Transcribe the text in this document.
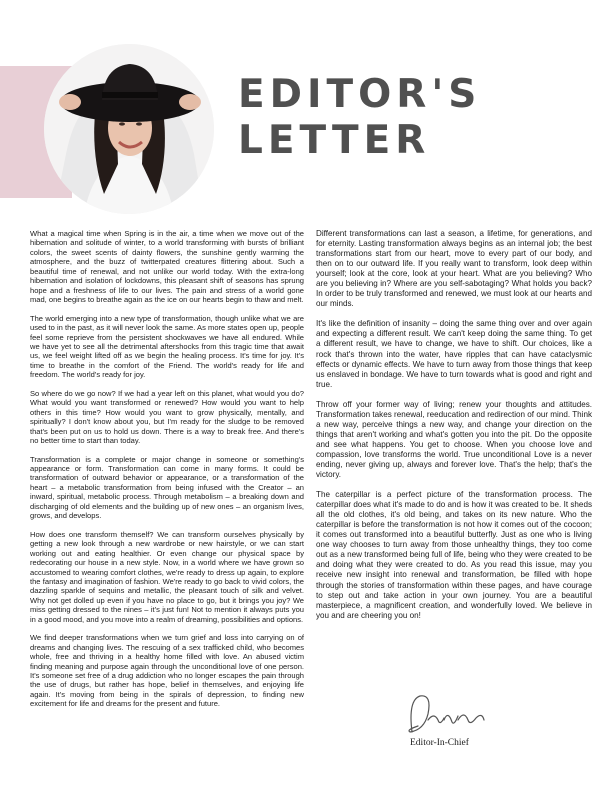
EDITOR'S
LETTER

What a magical time when Spring is in the air, a time when we move out of the hibernation and solitude of winter, to a world transforming with bursts of brilliant colors, the sweet scents of dainty flowers, the sunshine gently warming the atmosphere, and the buzz of twitterpated creatures flittering about. Such a beautiful time of renewal, and not unlike our world today. With the extra-long hibernation and isolation of lockdowns, this pleasant shift of seasons has sprung hope and a freshness of life to our lives. The pain and stress of a world gone mad, one begins to breathe again as the ice on our hearts begin to thaw and melt.

The world emerging into a new type of transformation, though unlike what we are used to in the past, as it will never look the same. As more states open up, people feel some reprieve from the persistent shockwaves we have all endured. While we have yet to see all the detrimental aftershocks from this tragic time that await us, we feel weight lifted off as we begin the healing process. It's time for joy. It's time to breathe in the comfort of the Friend. The world's ready for life and freedom. The world's ready for joy.

So where do we go now? If we had a year left on this planet, what would you do? What would you want transformed or renewed? How would you want to help others in this time? How would you want to grow physically, mentally, and spiritually? I don't know about you, but I'm ready for the sludge to be removed that's been put on us to hold us down. There is a way to break free. And there's no better time to start than today.

Transformation is a complete or major change in someone or something's appearance or form. Transformation can come in many forms. It could be transformation of outward behavior or appearance, or a transformation of the heart – a metabolic transformation from being infused with the Creator – an inward, spiritual, metabolic process. Through metabolism – a breaking down and discharging of old elements and the building up of new ones – an organism lives, grows, and develops.

How does one transform themself? We can transform ourselves physically by getting a new look through a new wardrobe or new hairstyle, or we can start working out and eating healthier. Or even change our physical space by redecorating our house in a new style. Now, in a world where we have grown so accustomed to wearing comfort clothes, we're ready to dress up again, to explore the fantasy and imagination of fashion. We're ready to go back to vivid colors, the dazzling sparkle of sequins and metallic, the pleasant touch of silk and velvet. Why not get dolled up even if you have no place to go, but it brings you joy? We miss getting dressed to the nines – it's just fun! Not to mention it always puts you in a good mood, and you move into a realm of dreaming, possibilities and options.

We find deeper transformations when we turn grief and loss into carrying on of dreams and changing lives. The rescuing of a sex trafficked child, who becomes whole, free and thriving in a healthy home filled with love. An abused victim finding meaning and purpose again through the unconditional love of one person. It's someone set free of a drug addiction who no longer escapes the pain through the use of drugs, but rather has hope, belief in themselves, and enjoying life again. It's moving from being in the spirals of depression, to finding new excitement for life and dreams for the present and future.

Different transformations can last a season, a lifetime, for generations, and for eternity. Lasting transformation always begins as an internal job; the best transformations start from our heart, move to every part of our body, and then on to our outward life. If you really want to transform, look deep within yourself; look at the core, look at your heart. What are you believing? Who are you believing in? Where are you self-sabotaging? What holds you back? In order to be truly transformed and renewed, we must look at our hearts and our minds.

It's like the definition of insanity – doing the same thing over and over again and expecting a different result. We can't keep doing the same thing. To get a different result, we have to change, we have to shift. Our choices, like a rock that's thrown into the water, have ripples that can have cataclysmic effects or dynamic effects. We have to turn away from those things that keep us enslaved in bondage. We have to turn towards what is good and right and true.

Throw off your former way of living; renew your thoughts and attitudes. Transformation takes renewal, reeducation and redirection of our mind. Think a new way, perceive things a new way, and change your direction on the things that aren't working and what's gotten you into the pit. Do the opposite and see what happens. You get to choose. When you choose love and compassion, love transforms the world. True unconditional Love is a never ending, never giving up, always and forever love. That's the help; that's the victory.

The caterpillar is a perfect picture of the transformation process. The caterpillar does what it's made to do and is how it was created to be. It sheds all the old clothes, it's old being, and takes on its new nature. Who the caterpillar is before the transformation is not how it comes out of the cocoon; it comes out transformed into a beautiful butterfly. Just as one who is living one way chooses to turn away from those unhealthy things, they too come out as a new transformed being full of life, being who they were created to be and doing what they were created to do. As you read this issue, may you receive new insight into renewal and transformation, be filled with hope through the stories of transformation within these pages, and have courage to step out and take action in your own journey. You are a beautiful masterpiece, a magnificent creation, and wonderfully loved. We believe in you and are cheering you on!

Editor-In-Chief
